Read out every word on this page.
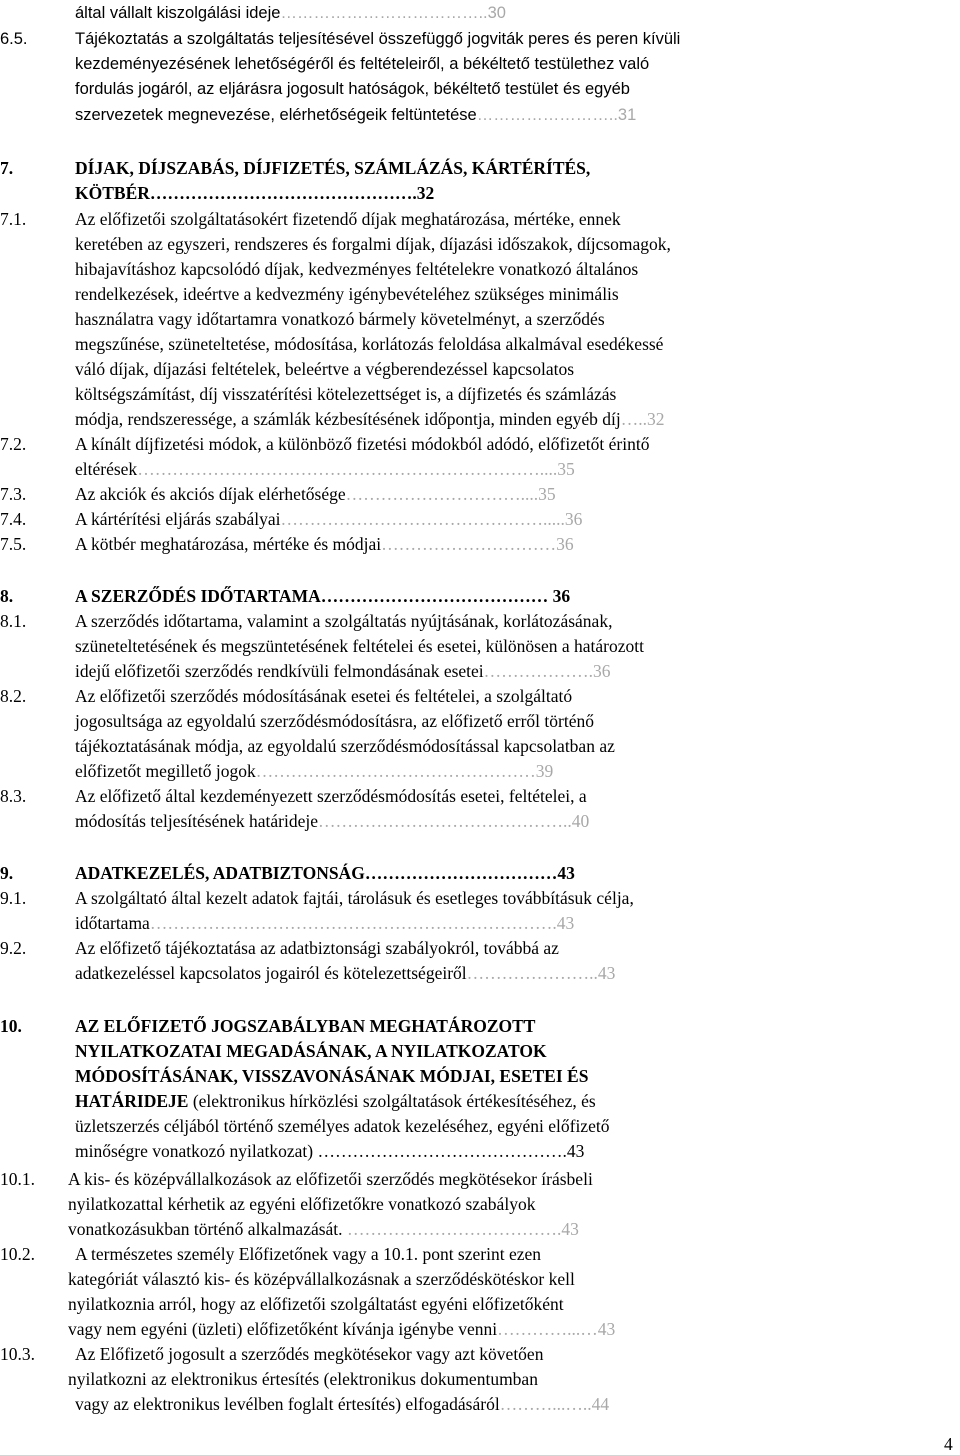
által vállalt kiszolgálási ideje………………………………..30
6.5.	Tájékoztatás a szolgáltatás teljesítésével összefüggő jogviták peres és peren kívüli
kezdeményezésének lehetőségéről és feltételeiről, a békéltető testülethez való
fordulás jogáról, az eljárásra jogosult hatóságok, békéltető testület és egyéb
szervezetek megnevezése, elérhetőségeik feltüntetése……………………..31
7.	DÍJAK, DÍJSZABÁS, DÍJFIZETÉS, SZÁMLÁZÁS, KÁRTÉRÍTÉS,
KÖTBÉR……………………………………….32
7.1.	Az előfizetői szolgáltatásokért fizetendő díjak meghatározása, mértéke, ennek
keretében az egyszeri, rendszeres és forgalmi díjak, díjazási időszakok, díjcsomagok,
hibajavításhoz kapcsolódó díjak, kedvezményes feltételekre vonatkozó általános
rendelkezések, ideértve a kedvezmény igénybevételéhez szükséges minimális
használatra vagy időtartamra vonatkozó bármely követelményt, a szerződés
megszűnése, szüneteltetése, módosítása, korlátozás feloldása alkalmával esedékessé
váló díjak, díjazási feltételek, beleértve a végberendezéssel kapcsolatos
költségszámítást, díj visszatérítési kötelezettséget is, a díjfizetés és számlázás
módja, rendszeressége, a számlák kézbesítésének időpontja, minden egyéb díj…..32
7.2.	A kínált díjfizetési módok, a különböző fizetési módokból adódó, előfizetőt érintő
eltérések……………………………………………………………....35
7.3.	Az akciók és akciós díjak elérhetősége…………………………....35
7.4.	A kártérítési eljárás szabályai……………………………………….....36
7.5.	A kötbér meghatározása, mértéke és módjai…………………………36
8.	A SZERZŐDÉS IDŐTARTAMA………………………………… 36
8.1.	A szerződés időtartama, valamint a szolgáltatás nyújtásának, korlátozásának,
szüneteltetésének és megszüntetésének feltételei és esetei, különösen a határozott
idejű előfizetői szerződés rendkívüli felmondásának esetei……………….36
8.2.	Az előfizetői szerződés módosításának esetei és feltételei, a szolgáltató
jogosultsága az egyoldalú szerződésmódosításra, az előfizető erről történő
tájékoztatásának módja, az egyoldalú szerződésmódosítással kapcsolatban az
előfizetőt megillető jogok…………………………………………39
8.3.	Az előfizető által kezdeményezett szerződésmódosítás esetei, feltételei, a
módosítás teljesítésének határideje……………………………………..40
9.	ADATKEZELÉS, ADATBIZTONSÁG……………………………43
9.1.	A szolgáltató által kezelt adatok fajtái, tárolásuk és esetleges továbbításuk célja,
időtartama…………………………………………………………….43
9.2.	Az előfizető tájékoztatása az adatbiztonsági szabályokról, továbbá az
adatkezeléssel kapcsolatos jogairól és kötelezettségeiről…………………..43
10.	AZ ELŐFIZETŐ JOGSZABÁLYBAN MEGHATÁROZOTT
NYILATKOZATAI MEGADÁSÁNAK, A NYILATKOZATOK
MÓDOSÍTÁSÁNAK, VISSZAVONÁSÁNAK MÓDJAI, ESETEI ÉS
HATÁRIDEJE (elektronikus hírközlési szolgáltatások értékesítéséhez, és
üzletszerzés céljából történő személyes adatok kezeléséhez, egyéni előfizető
minőségre vonatkozó nyilatkozat) …………………………………….43
10.1. A kis- és középvállalkozások az előfizetői szerződés megkötésekor írásbeli
nyilatkozattal kérhetik az egyéni előfizetőkre vonatkozó szabályok
vonatkozásukban történő alkalmazását. ……………………………….43
10.2. A természetes személy Előfizetőnek vagy a 10.1. pont szerint ezen
kategóriát választó kis- és középvállalkozásnak a szerződéskötéskor kell
nyilatkoznia arról, hogy az előfizetői szolgáltatást egyéni előfizetőként
vagy nem egyéni (üzleti) előfizetőként kívánja igénybe venni…………...…43
10.3. Az Előfizető jogosult a szerződés megkötésekor vagy azt követően
nyilatkozni az elektronikus értesítés (elektronikus dokumentumban
vagy az elektronikus levélben foglalt értesítés) elfogadásáról………...…..44
4
